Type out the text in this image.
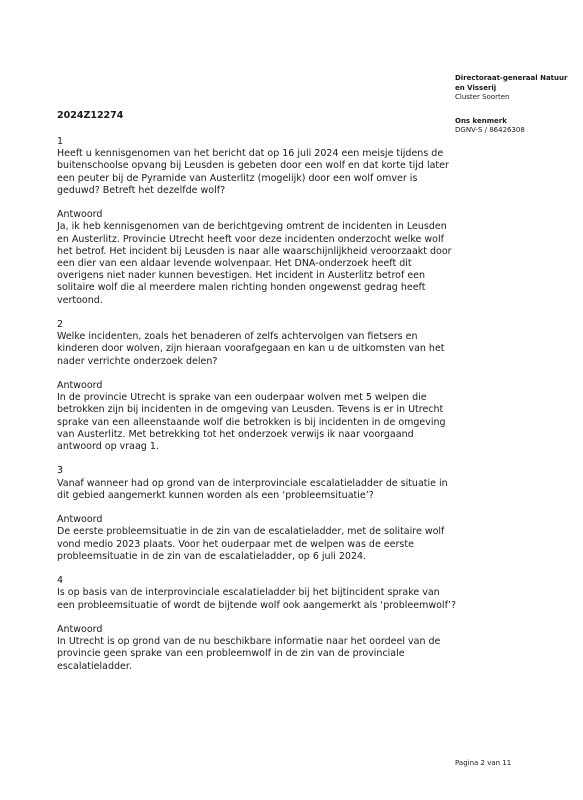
Directoraat-generaal Natuur en Visserij
Cluster Soorten
Ons kenmerk
DGNV-S / 86426308
2024Z12274
1

Heeft u kennisgenomen van het bericht dat op 16 juli 2024 een meisje tijdens de buitenschoolse opvang bij Leusden is gebeten door een wolf en dat korte tijd later een peuter bij de Pyramide van Austerlitz (mogelijk) door een wolf omver is geduwd? Betreft het dezelfde wolf?

Antwoord

Ja, ik heb kennisgenomen van de berichtgeving omtrent de incidenten in Leusden en Austerlitz. Provincie Utrecht heeft voor deze incidenten onderzocht welke wolf het betrof. Het incident bij Leusden is naar alle waarschijnlijkheid veroorzaakt door een dier van een aldaar levende wolvenpaar. Het DNA-onderzoek heeft dit overigens niet nader kunnen bevestigen. Het incident in Austerlitz betrof een solitaire wolf die al meerdere malen richting honden ongewenst gedrag heeft vertoond.

2

Welke incidenten, zoals het benaderen of zelfs achtervolgen van fietsers en kinderen door wolven, zijn hieraan voorafgegaan en kan u de uitkomsten van het nader verrichte onderzoek delen?

Antwoord

In de provincie Utrecht is sprake van een ouderpaar wolven met 5 welpen die betrokken zijn bij incidenten in de omgeving van Leusden. Tevens is er in Utrecht sprake van een alleenstaande wolf die betrokken is bij incidenten in de omgeving van Austerlitz. Met betrekking tot het onderzoek verwijs ik naar voorgaand antwoord op vraag 1.

3

Vanaf wanneer had op grond van de interprovinciale escalatieladder de situatie in dit gebied aangemerkt kunnen worden als een ‘probleemsituatie’?

Antwoord

De eerste probleemsituatie in de zin van de escalatieladder, met de solitaire wolf vond medio 2023 plaats. Voor het ouderpaar met de welpen was de eerste probleemsituatie in de zin van de escalatieladder, op 6 juli 2024.

4

Is op basis van de interprovinciale escalatieladder bij het bijtincident sprake van een probleemsituatie of wordt de bijtende wolf ook aangemerkt als ‘probleemwolf’?

Antwoord

In Utrecht is op grond van de nu beschikbare informatie naar het oordeel van de provincie geen sprake van een probleemwolf in de zin van de provinciale escalatieladder.

Pagina 2 van 11
